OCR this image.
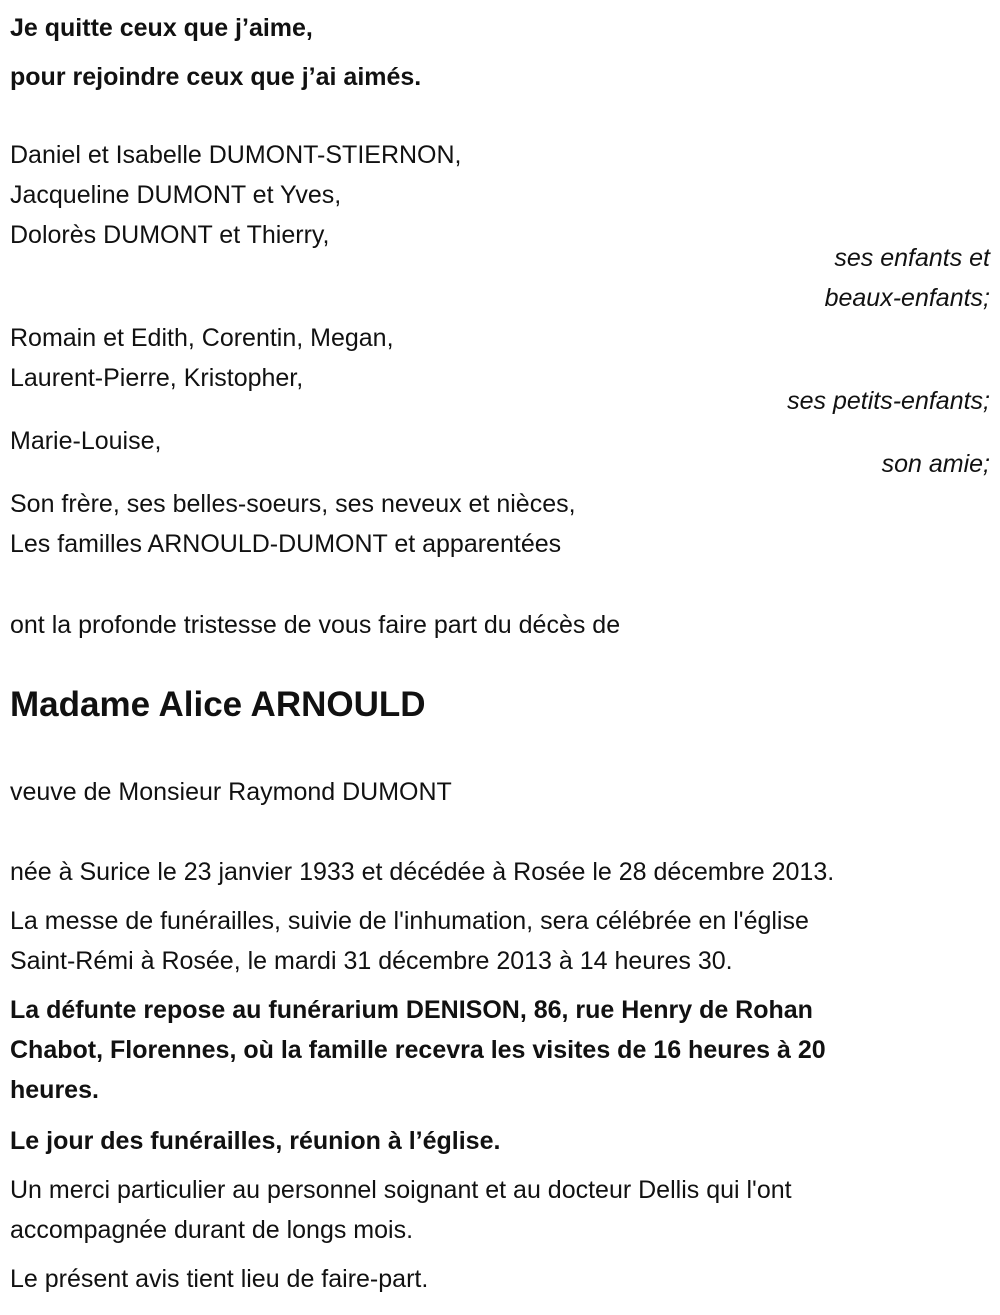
Je quitte ceux que j’aime,
pour rejoindre ceux que j’ai aimés.
Daniel et Isabelle DUMONT-STIERNON,
Jacqueline DUMONT et Yves,
Dolorès DUMONT et Thierry,
ses enfants et
beaux-enfants;
Romain et Edith, Corentin, Megan,
Laurent-Pierre, Kristopher,
ses petits-enfants;
Marie-Louise,
son amie;
Son frère, ses belles-soeurs, ses neveux et nièces,
Les familles ARNOULD-DUMONT et apparentées
ont la profonde tristesse de vous faire part du décès de
Madame Alice ARNOULD
veuve de Monsieur Raymond DUMONT
née à Surice le 23 janvier 1933 et décédée à Rosée le 28 décembre 2013.
La messe de funérailles, suivie de l'inhumation, sera célébrée en l'église
Saint-Rémi à Rosée, le mardi 31 décembre 2013 à 14 heures 30.
La défunte repose au funérarium DENISON, 86, rue Henry de Rohan
Chabot, Florennes, où la famille recevra les visites de 16 heures à 20
heures.
Le jour des funérailles, réunion à l’église.
Un merci particulier au personnel soignant et au docteur Dellis qui l'ont
accompagnée durant de longs mois.
Le présent avis tient lieu de faire-part.
